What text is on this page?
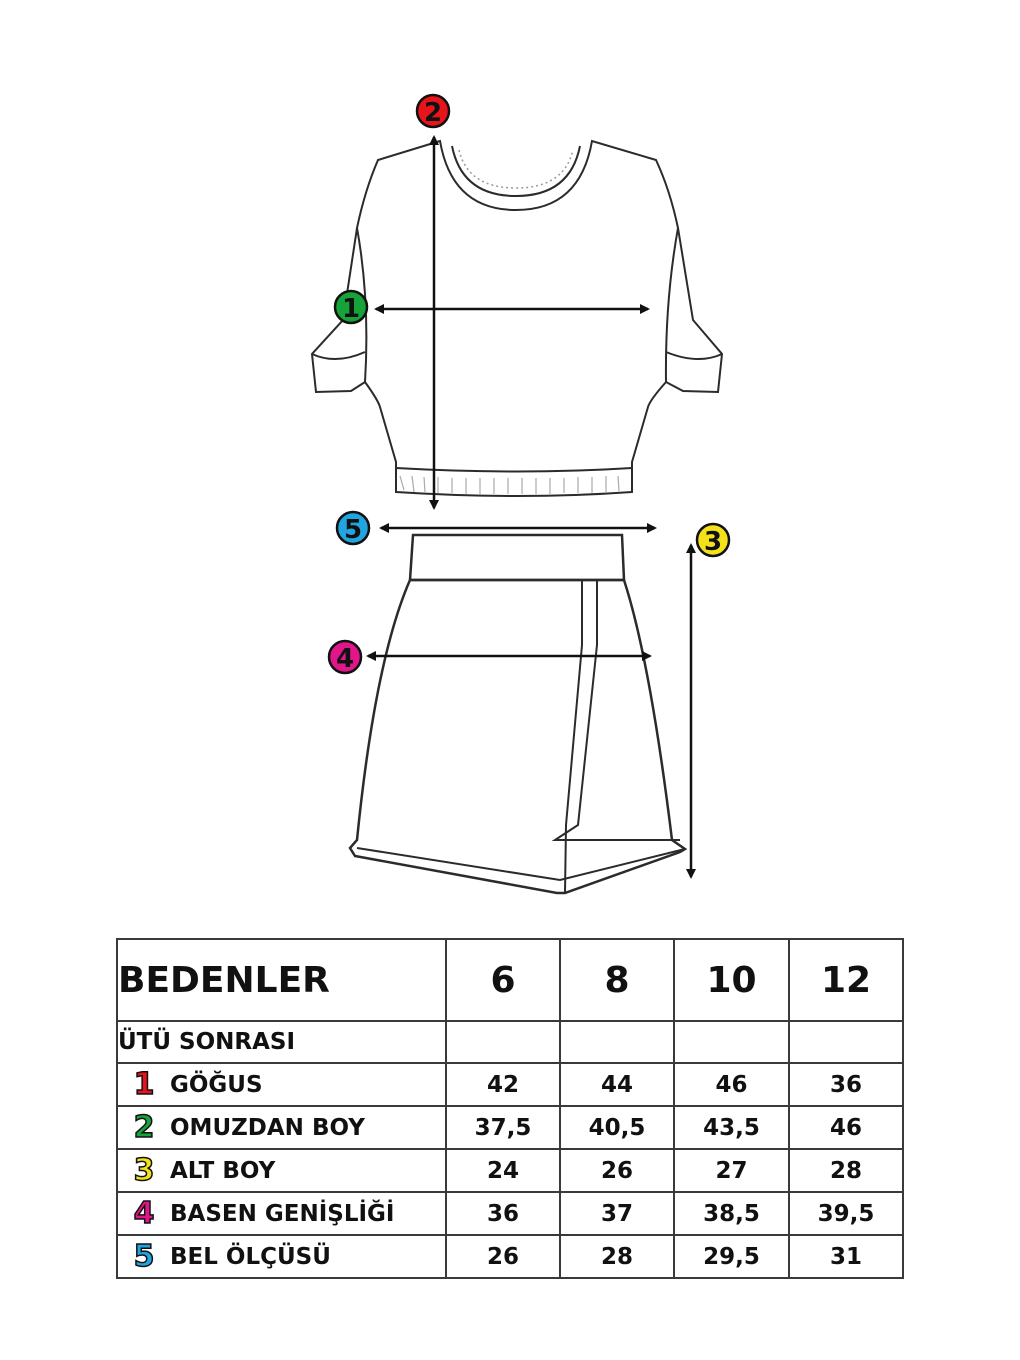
2
1
5	3
4
BEDENLER	6	8	10	12
ÜTÜ SONRASI				

1 GÖĞUS	42	44	46	36

2 OMUZDAN BOY	37,5	40,5	43,5	46

3 ALT BOY	24	26	27	28

4 BASEN GENİŞLİĞİ	36	37	38,5	39,5

5 BEL ÖLÇÜSÜ	26	28	29,5	31
